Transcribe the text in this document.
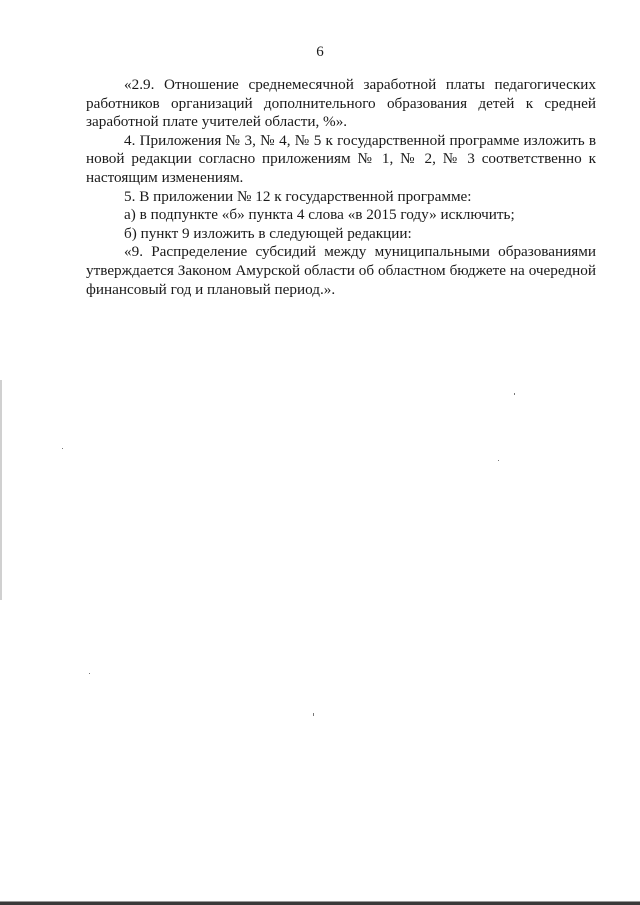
6

«2.9. Отношение среднемесячной заработной платы педагогических работников организаций дополнительного образования детей к средней заработной плате учителей области, %».

4. Приложения № 3, № 4, № 5 к государственной программе изложить в новой редакции согласно приложениям № 1, № 2, № 3 соответственно к настоящим изменениям.

5. В приложении № 12 к государственной программе:

а) в подпункте «б» пункта 4 слова «в 2015 году» исключить;

б) пункт 9 изложить в следующей редакции:

«9. Распределение субсидий между муниципальными образованиями утверждается Законом Амурской области об областном бюджете на очередной финансовый год и плановый период.».
